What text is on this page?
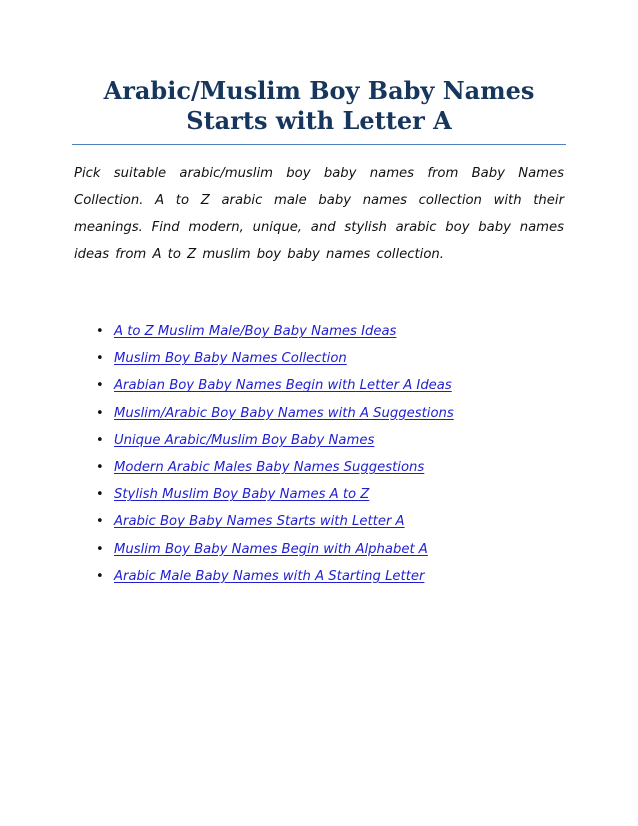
Arabic/Muslim Boy Baby Names Starts with Letter A

Pick suitable arabic/muslim boy baby names from Baby Names Collection. A to Z arabic male baby names collection with their meanings. Find modern, unique, and stylish arabic boy baby names ideas from A to Z muslim boy baby names collection.

• A to Z Muslim Male/Boy Baby Names Ideas
• Muslim Boy Baby Names Collection
• Arabian Boy Baby Names Begin with Letter A Ideas
• Muslim/Arabic Boy Baby Names with A Suggestions
• Unique Arabic/Muslim Boy Baby Names
• Modern Arabic Males Baby Names Suggestions
• Stylish Muslim Boy Baby Names A to Z
• Arabic Boy Baby Names Starts with Letter A
• Muslim Boy Baby Names Begin with Alphabet A
• Arabic Male Baby Names with A Starting Letter
